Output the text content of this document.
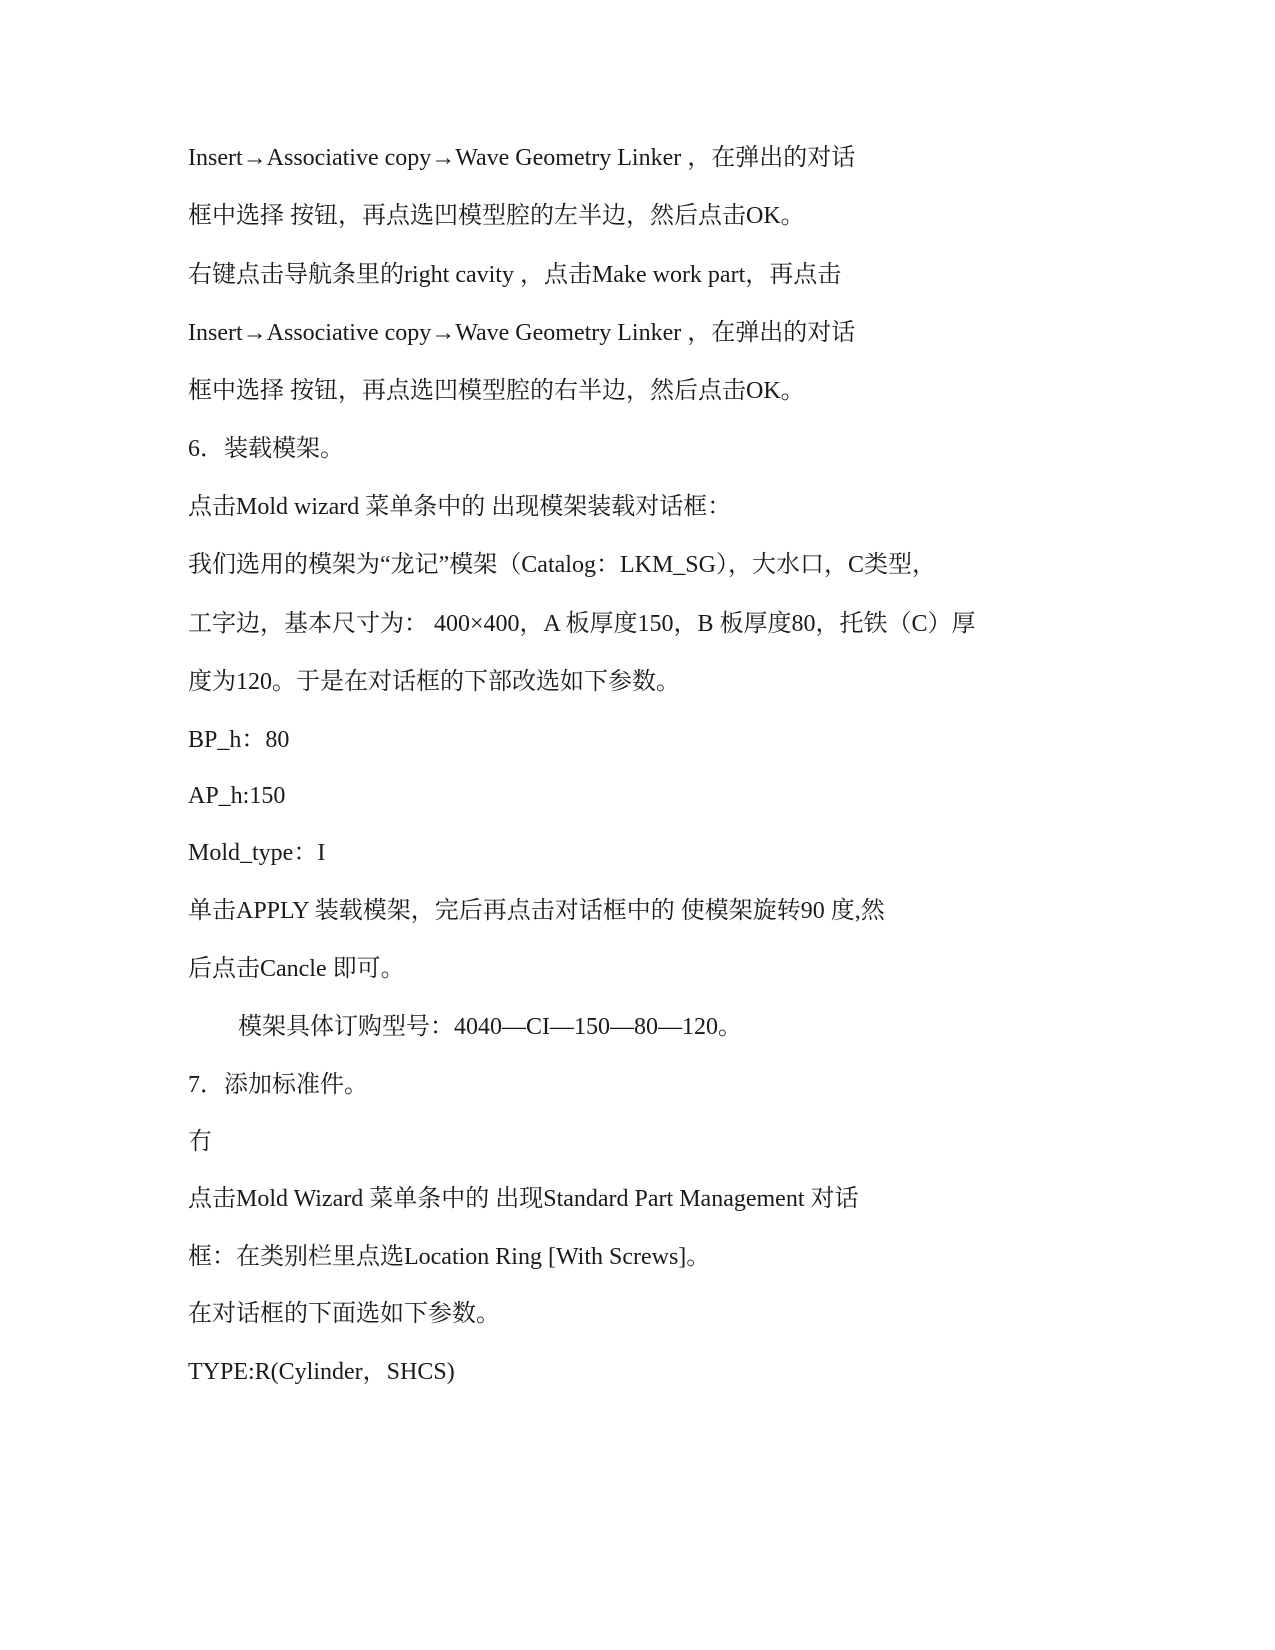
Insert→Associative copy→Wave Geometry Linker ，在弹出的对话

框中选择 按钮，再点选凹模型腔的左半边，然后点击OK。

右键点击导航条里的right cavity ，点击Make work part，再点击

Insert→Associative copy→Wave Geometry Linker ，在弹出的对话

框中选择 按钮，再点选凹模型腔的右半边，然后点击OK。

6．装载模架。

点击Mold wizard 菜单条中的 出现模架装载对话框：

我们选用的模架为“龙记”模架（Catalog：LKM_SG），大水口，C类型，

工字边，基本尺寸为： 400×400，A 板厚度150，B 板厚度80，托铁（C）厚

度为120。于是在对话框的下部改选如下参数。

BP_h：80

AP_h:150

Mold_type：I

单击APPLY 装载模架，完后再点击对话框中的 使模架旋转90 度,然

后点击Cancle 即可。

模架具体订购型号：4040—CI—150—80—120。

7．添加标准件。

冇

点击Mold Wizard 菜单条中的 出现Standard Part Management 对话

框：在类别栏里点选Location Ring [With Screws]。

在对话框的下面选如下参数。

TYPE:R(Cylinder，SHCS)
